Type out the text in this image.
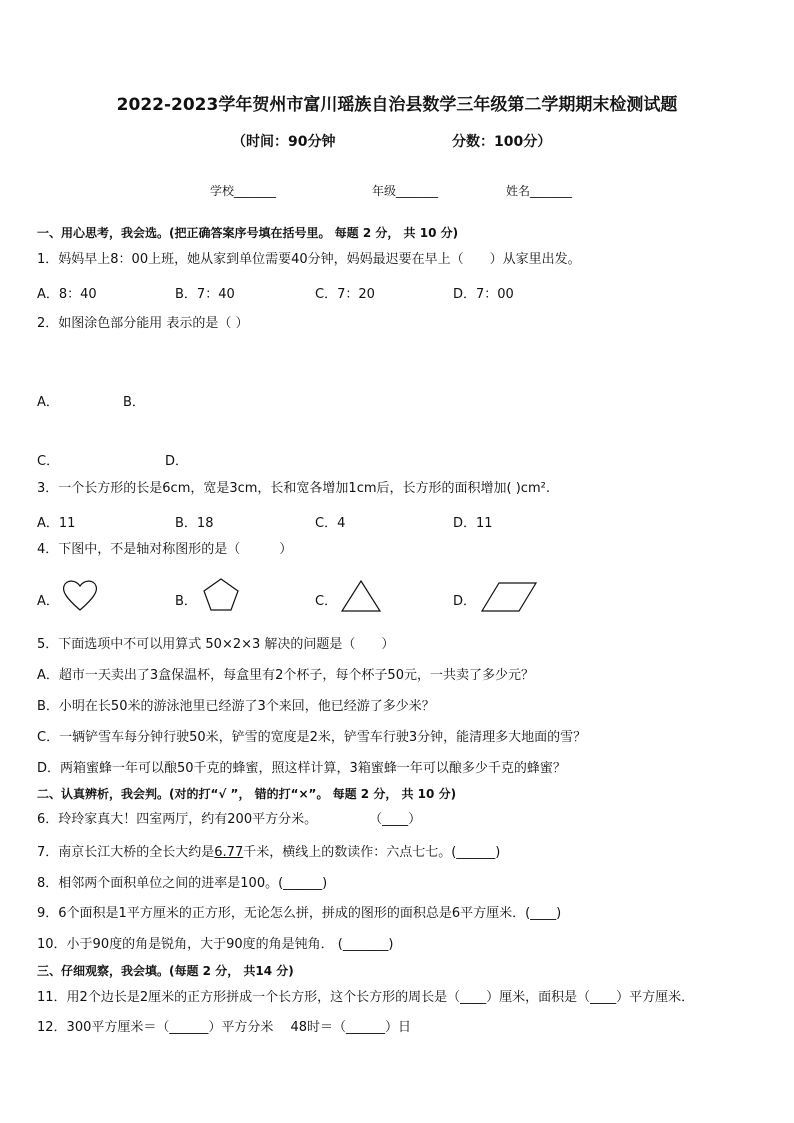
2022-2023学年贺州市富川瑶族自治县数学三年级第二学期期末检测试题
（时间：90分钟	分数：100分）
学校_______	年级_______	姓名_______
一、用心思考，我会选。(把正确答案序号填在括号里。 每题 2 分， 共 10 分)
1．妈妈早上8：00上班，她从家到单位需要40分钟，妈妈最迟要在早上（　　）从家里出发。
A．8：40	B．7：40	C．7：20	D．7：00
2．如图涂色部分能用 表示的是（ ）
A．	B．
C．	D．
3．一个长方形的长是6cm，宽是3cm，长和宽各增加1cm后，长方形的面积增加( )cm².
A．11	B．18	C．4	D．11
4．下图中，不是轴对称图形的是（　　　）
A．	B．	C．	D．
5．下面选项中不可以用算式 50×2×3 解决的问题是（　　）
A．超市一天卖出了3盒保温杯，每盒里有2个杯子，每个杯子50元，一共卖了多少元？
B．小明在长50米的游泳池里已经游了3个来回，他已经游了多少米？
C．一辆铲雪车每分钟行驶50米，铲雪的宽度是2米，铲雪车行驶3分钟，能清理多大地面的雪？
D．两箱蜜蜂一年可以酿50千克的蜂蜜，照这样计算，3箱蜜蜂一年可以酿多少千克的蜂蜜？
二、认真辨析，我会判。(对的打“√ ”， 错的打“×”。 每题 2 分， 共 10 分)
6．玲玲家真大！四室两厅，约有200平方分米。　　　　　（____）
7．南京长江大桥的全长大约是6.77千米，横线上的数读作：六点七七。(______)
8．相邻两个面积单位之间的进率是100。(______)
9．6个面积是1平方厘米的正方形，无论怎么拼，拼成的图形的面积总是6平方厘米．(____)
10．小于90度的角是锐角，大于90度的角是钝角． (_______)
三、仔细观察，我会填。(每题 2 分， 共14 分)
11．用2个边长是2厘米的正方形拼成一个长方形，这个长方形的周长是（____）厘米，面积是（____）平方厘米．
12．300平方厘米＝（______）平方分米　 48时＝（______）日
